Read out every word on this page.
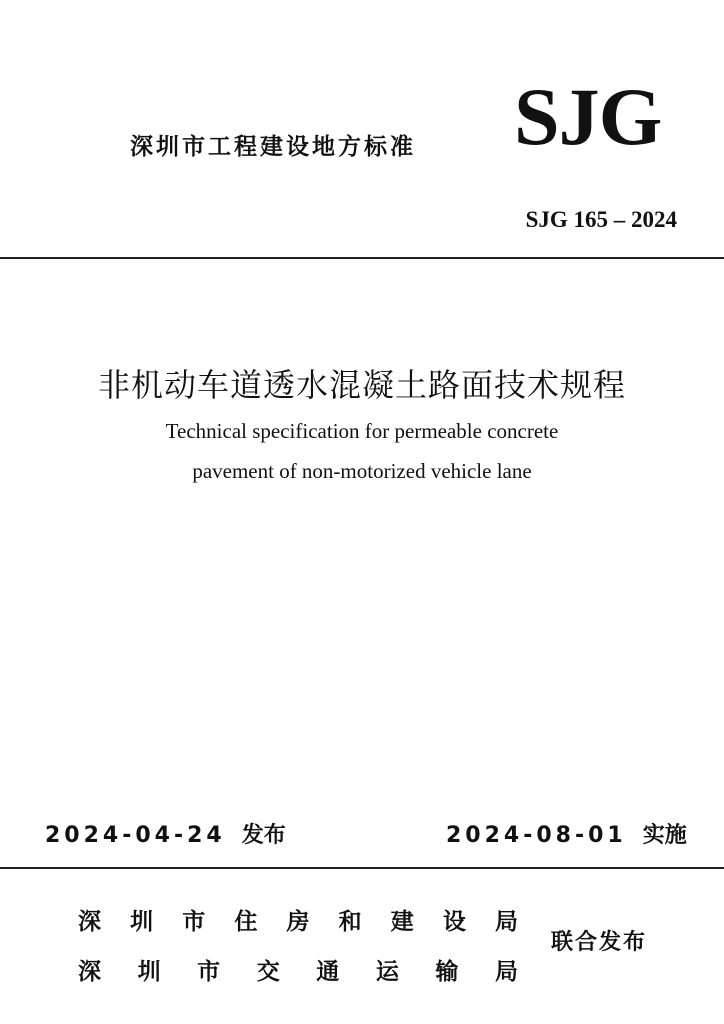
深圳市工程建设地方标准 SJG
SJG 165 – 2024
非机动车道透水混凝土路面技术规程
Technical specification for permeable concrete
pavement of non-motorized vehicle lane
2024-04-24 发布	2024-08-01 实施
深 圳 市 住 房 和 建 设 局
深 圳 市 交 通 运 输 局
联合发布
